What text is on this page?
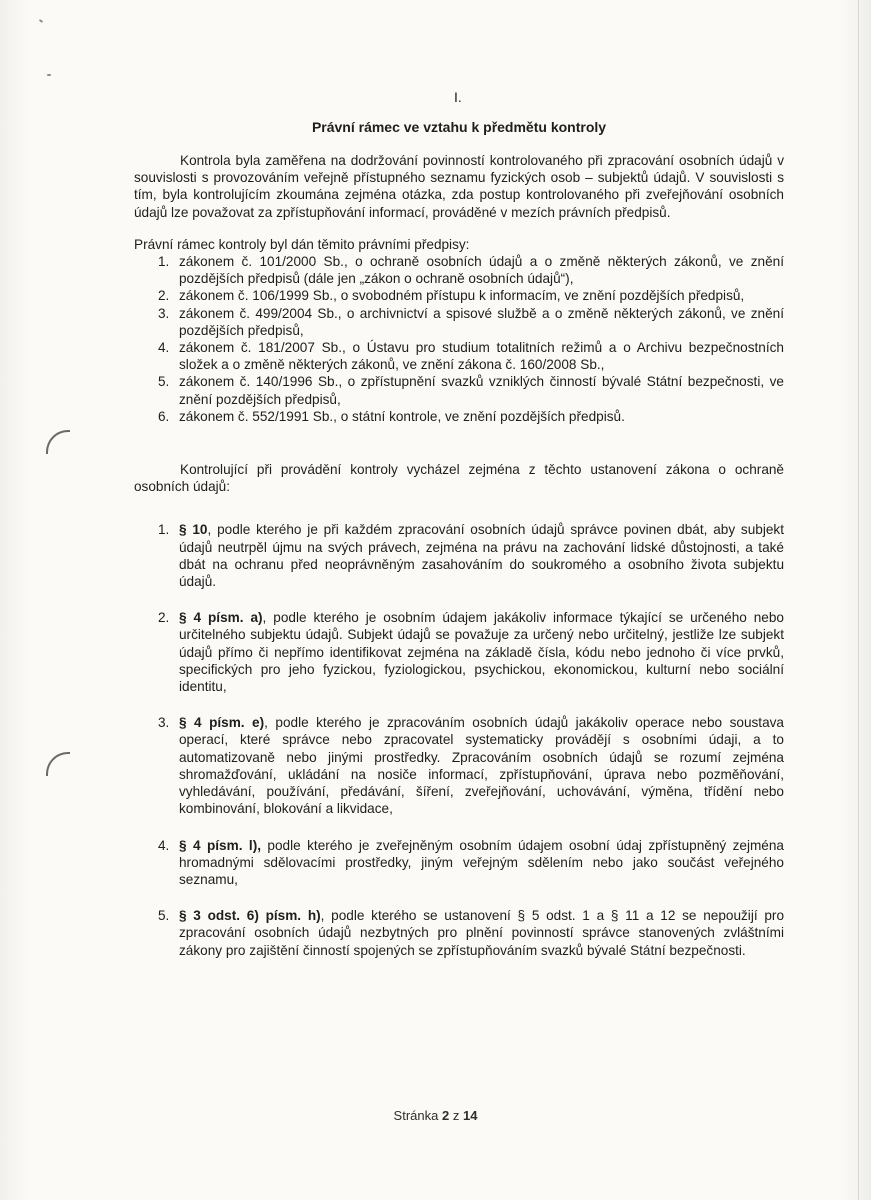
I.
Právní rámec ve vztahu k předmětu kontroly

Kontrola byla zaměřena na dodržování povinností kontrolovaného při zpracování osobních údajů v souvislosti s provozováním veřejně přístupného seznamu fyzických osob – subjektů údajů. V souvislosti s tím, byla kontrolujícím zkoumána zejména otázka, zda postup kontrolovaného při zveřejňování osobních údajů lze považovat za zpřístupňování informací, prováděné v mezích právních předpisů.

Právní rámec kontroly byl dán těmito právními předpisy:

1. zákonem č. 101/2000 Sb., o ochraně osobních údajů a o změně některých zákonů, ve znění pozdějších předpisů (dále jen „zákon o ochraně osobních údajů“),
2. zákonem č. 106/1999 Sb., o svobodném přístupu k informacím, ve znění pozdějších předpisů,
3. zákonem č. 499/2004 Sb., o archivnictví a spisové službě a o změně některých zákonů, ve znění pozdějších předpisů,
4. zákonem č. 181/2007 Sb., o Ústavu pro studium totalitních režimů a o Archivu bezpečnostních složek a o změně některých zákonů, ve znění zákona č. 160/2008 Sb.,
5. zákonem č. 140/1996 Sb., o zpřístupnění svazků vzniklých činností bývalé Státní bezpečnosti, ve znění pozdějších předpisů,
6. zákonem č. 552/1991 Sb., o státní kontrole, ve znění pozdějších předpisů.

Kontrolující při provádění kontroly vycházel zejména z těchto ustanovení zákona o ochraně osobních údajů:

1. § 10, podle kterého je při každém zpracování osobních údajů správce povinen dbát, aby subjekt údajů neutrpěl újmu na svých právech, zejména na právu na zachování lidské důstojnosti, a také dbát na ochranu před neoprávněným zasahováním do soukromého a osobního života subjektu údajů.
2. § 4 písm. a), podle kterého je osobním údajem jakákoliv informace týkající se určeného nebo určitelného subjektu údajů. Subjekt údajů se považuje za určený nebo určitelný, jestliže lze subjekt údajů přímo či nepřímo identifikovat zejména na základě čísla, kódu nebo jednoho či více prvků, specifických pro jeho fyzickou, fyziologickou, psychickou, ekonomickou, kulturní nebo sociální identitu,
3. § 4 písm. e), podle kterého je zpracováním osobních údajů jakákoliv operace nebo soustava operací, které správce nebo zpracovatel systematicky provádějí s osobními údaji, a to automatizovaně nebo jinými prostředky. Zpracováním osobních údajů se rozumí zejména shromažďování, ukládání na nosiče informací, zpřístupňování, úprava nebo pozměňování, vyhledávání, používání, předávání, šíření, zveřejňování, uchovávání, výměna, třídění nebo kombinování, blokování a likvidace,
4. § 4 písm. l), podle kterého je zveřejněným osobním údajem osobní údaj zpřístupněný zejména hromadnými sdělovacími prostředky, jiným veřejným sdělením nebo jako součást veřejného seznamu,
5. § 3 odst. 6) písm. h), podle kterého se ustanovení § 5 odst. 1 a § 11 a 12 se nepoužijí pro zpracování osobních údajů nezbytných pro plnění povinností správce stanovených zvláštními zákony pro zajištění činností spojených se zpřístupňováním svazků bývalé Státní bezpečnosti.
Stránka 2 z 14
